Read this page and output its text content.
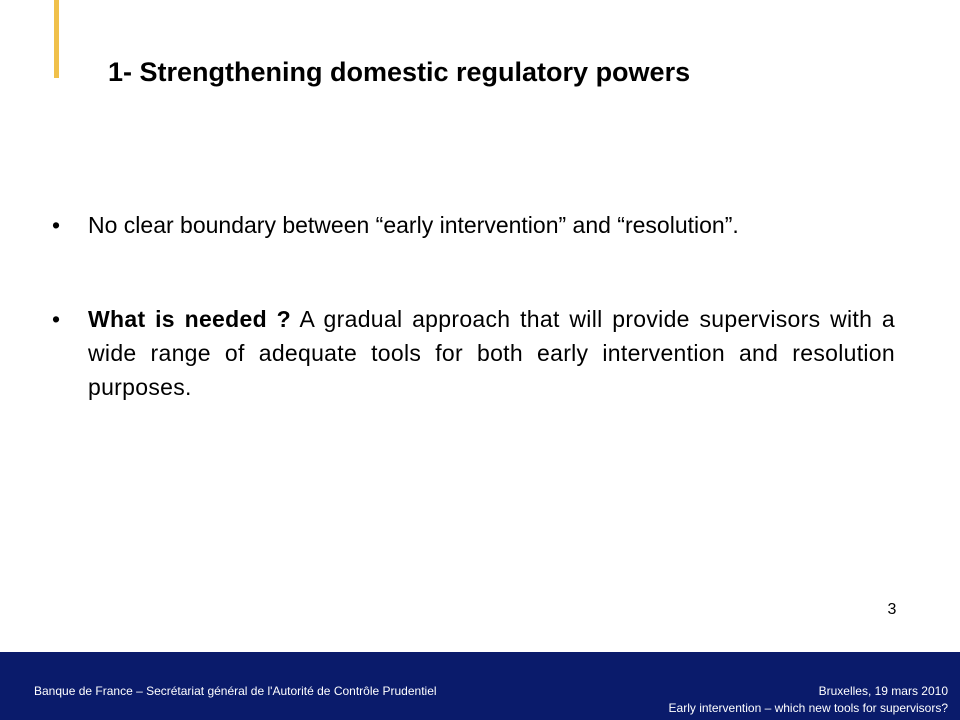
1- Strengthening domestic regulatory powers
• No clear boundary between “early intervention” and “resolution”.
• What is needed ? A gradual approach that will provide supervisors with a wide range of adequate tools for both early intervention and resolution purposes.
3
Banque de France – Secrétariat général de l'Autorité de Contrôle Prudentiel	Bruxelles, 19 mars 2010
Early intervention – which new tools for supervisors?
